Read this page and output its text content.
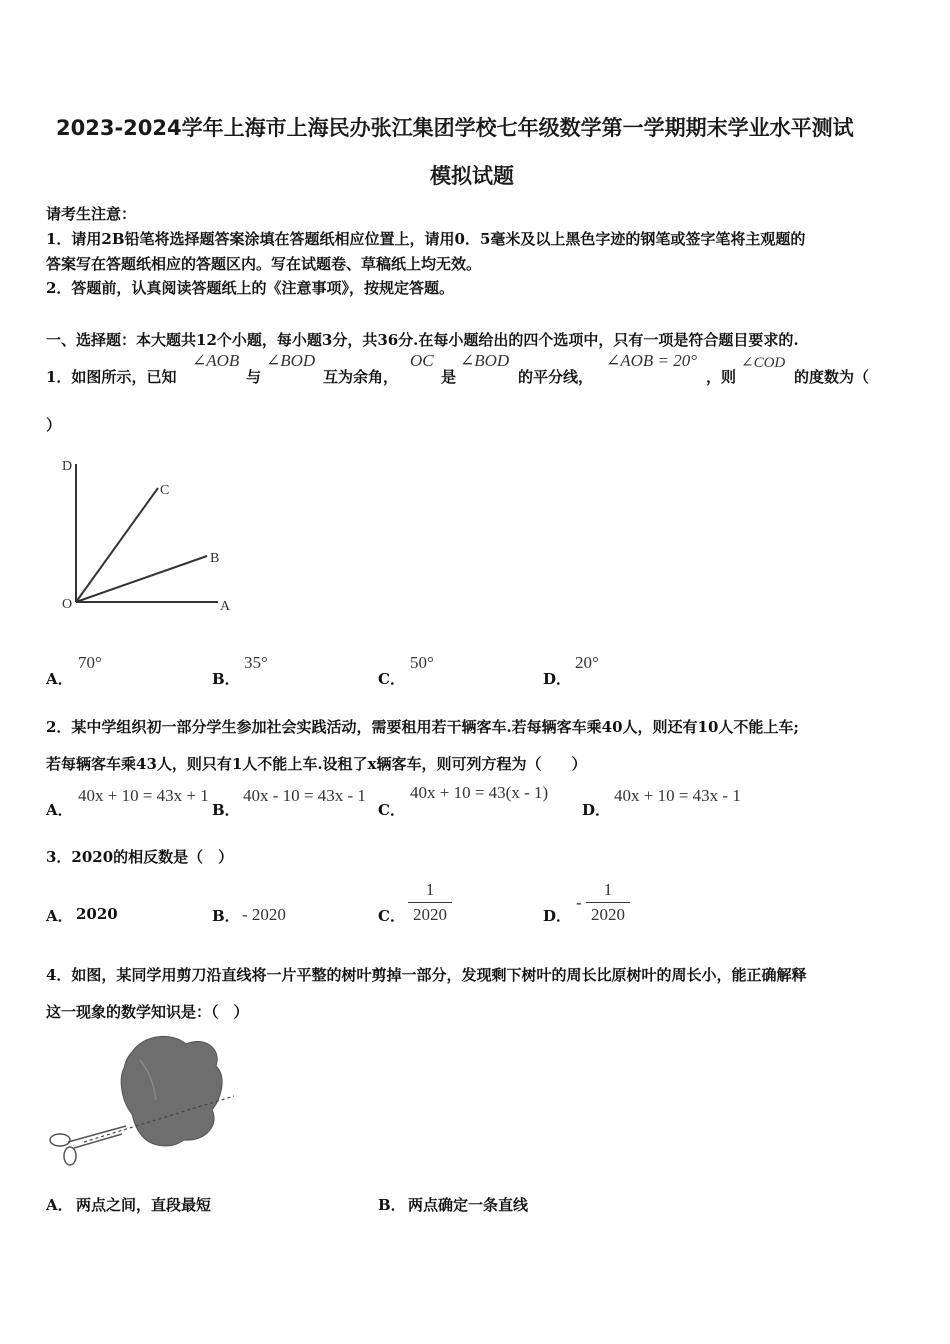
2023-2024学年上海市上海民办张江集团学校七年级数学第一学期期末学业水平测试
模拟试题
请考生注意：
1．请用2B铅笔将选择题答案涂填在答题纸相应位置上，请用0．5毫米及以上黑色字迹的钢笔或签字笔将主观题的
答案写在答题纸相应的答题区内。写在试题卷、草稿纸上均无效。
2．答题前，认真阅读答题纸上的《注意事项》，按规定答题。
一、选择题：本大题共12个小题，每小题3分，共36分.在每小题给出的四个选项中，只有一项是符合题目要求的.
1．如图所示，已知
∠AOB
与
∠BOD
互为余角，
OC
是
∠BOD
的平分线，
∠AOB = 20°
，则
∠COD
的度数为（
）
D
C
B
O	A
A．
70°
B．
35°
C．
50°
D．
20°
2．某中学组织初一部分学生参加社会实践活动，需要租用若干辆客车.若每辆客车乘40人，则还有10人不能上车;
若每辆客车乘43人，则只有1人不能上车.设租了x辆客车，则可列方程为（　　）
A．
40x + 10 = 43x + 1
B．
40x - 10 = 43x - 1
C．
40x + 10 = 43(x - 1)
D．
40x + 10 = 43x - 1
3．2020的相反数是（　）
A． 2020	B． - 2020	C．
1
2020	D．
-
1
2020
4．如图，某同学用剪刀沿直线将一片平整的树叶剪掉一部分，发现剩下树叶的周长比原树叶的周长小，能正确解释
这一现象的数学知识是：（　）
A． 两点之间，直段最短	B． 两点确定一条直线
